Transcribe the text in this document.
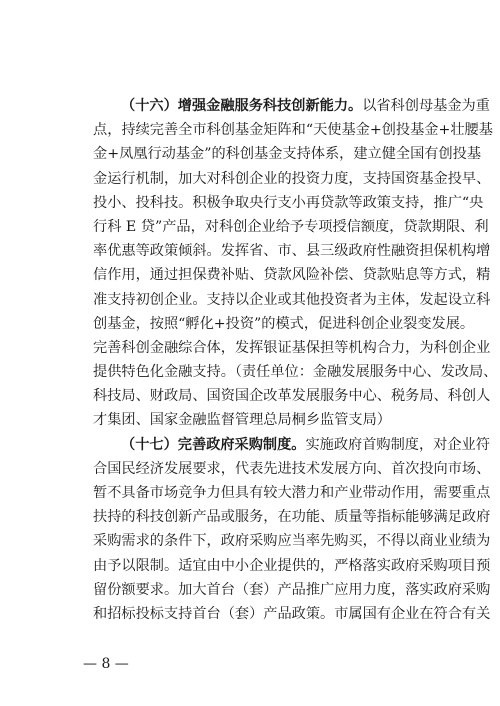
（十六）增强金融服务科技创新能力。以省科创母基金为重
点，持续完善全市科创基金矩阵和“天使基金+创投基金+壮腰基
金+凤凰行动基金”的科创基金支持体系，建立健全国有创投基
金运行机制，加大对科创企业的投资力度，支持国资基金投早、
投小、投科技。积极争取央行支小再贷款等政策支持，推广“央
行科 E 贷”产品，对科创企业给予专项授信额度，贷款期限、利
率优惠等政策倾斜。发挥省、市、县三级政府性融资担保机构增
信作用，通过担保费补贴、贷款风险补偿、贷款贴息等方式，精
准支持初创企业。支持以企业或其他投资者为主体，发起设立科
创基金，按照“孵化+投资”的模式，促进科创企业裂变发展。
完善科创金融综合体，发挥银证基保担等机构合力，为科创企业
提供特色化金融支持。（责任单位：金融发展服务中心、发改局、
科技局、财政局、国资国企改革发展服务中心、税务局、科创人
才集团、国家金融监督管理总局桐乡监管支局）
（十七）完善政府采购制度。实施政府首购制度，对企业符
合国民经济发展要求，代表先进技术发展方向、首次投向市场、
暂不具备市场竞争力但具有较大潜力和产业带动作用，需要重点
扶持的科技创新产品或服务，在功能、质量等指标能够满足政府
采购需求的条件下，政府采购应当率先购买，不得以商业业绩为
由予以限制。适宜由中小企业提供的，严格落实政府采购项目预
留份额要求。加大首台（套）产品推广应用力度，落实政府采购
和招标投标支持首台（套）产品政策。市属国有企业在符合有关
— 8 —
